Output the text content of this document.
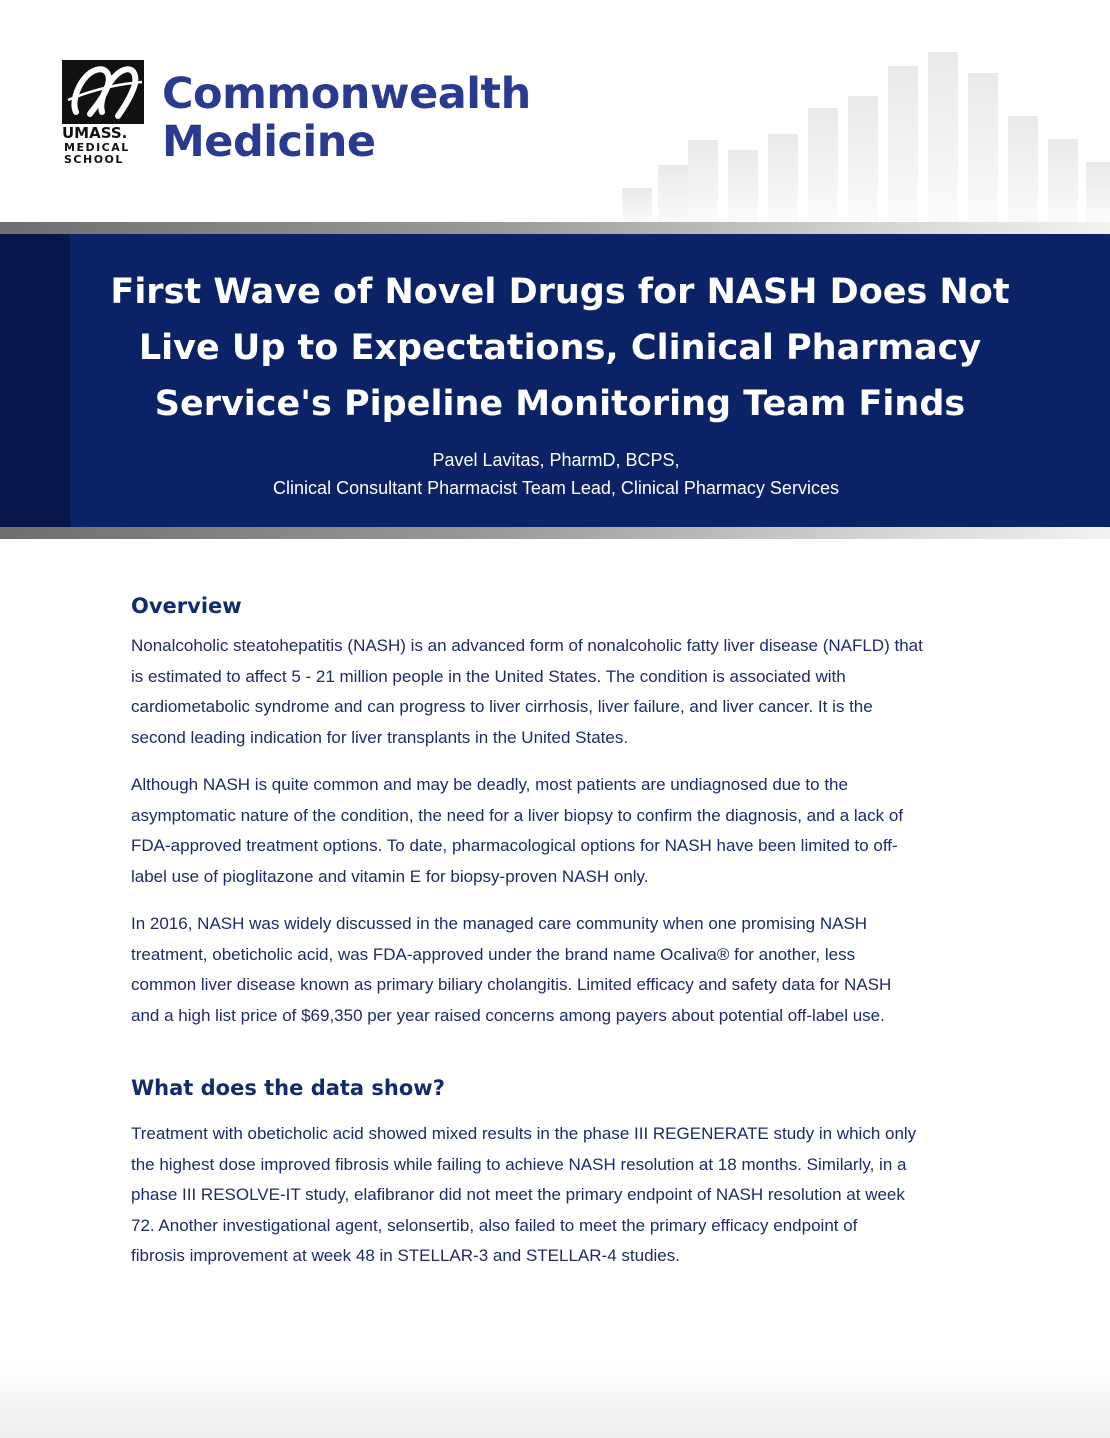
UMASS.
MEDICAL
SCHOOL
Commonwealth
Medicine
First Wave of Novel Drugs for NASH Does Not
Live Up to Expectations, Clinical Pharmacy
Service's Pipeline Monitoring Team Finds
Pavel Lavitas, PharmD, BCPS,
Clinical Consultant Pharmacist Team Lead, Clinical Pharmacy Services
Overview

Nonalcoholic steatohepatitis (NASH) is an advanced form of nonalcoholic fatty liver disease (NAFLD) that
is estimated to affect 5 - 21 million people in the United States. The condition is associated with
cardiometabolic syndrome and can progress to liver cirrhosis, liver failure, and liver cancer. It is the
second leading indication for liver transplants in the United States.

Although NASH is quite common and may be deadly, most patients are undiagnosed due to the
asymptomatic nature of the condition, the need for a liver biopsy to confirm the diagnosis, and a lack of
FDA-approved treatment options. To date, pharmacological options for NASH have been limited to off-
label use of pioglitazone and vitamin E for biopsy-proven NASH only.

In 2016, NASH was widely discussed in the managed care community when one promising NASH
treatment, obeticholic acid, was FDA-approved under the brand name Ocaliva® for another, less
common liver disease known as primary biliary cholangitis. Limited efficacy and safety data for NASH
and a high list price of $69,350 per year raised concerns among payers about potential off-label use.

What does the data show?

Treatment with obeticholic acid showed mixed results in the phase III REGENERATE study in which only
the highest dose improved fibrosis while failing to achieve NASH resolution at 18 months. Similarly, in a
phase III RESOLVE-IT study, elafibranor did not meet the primary endpoint of NASH resolution at week
72. Another investigational agent, selonsertib, also failed to meet the primary efficacy endpoint of
fibrosis improvement at week 48 in STELLAR-3 and STELLAR-4 studies.
